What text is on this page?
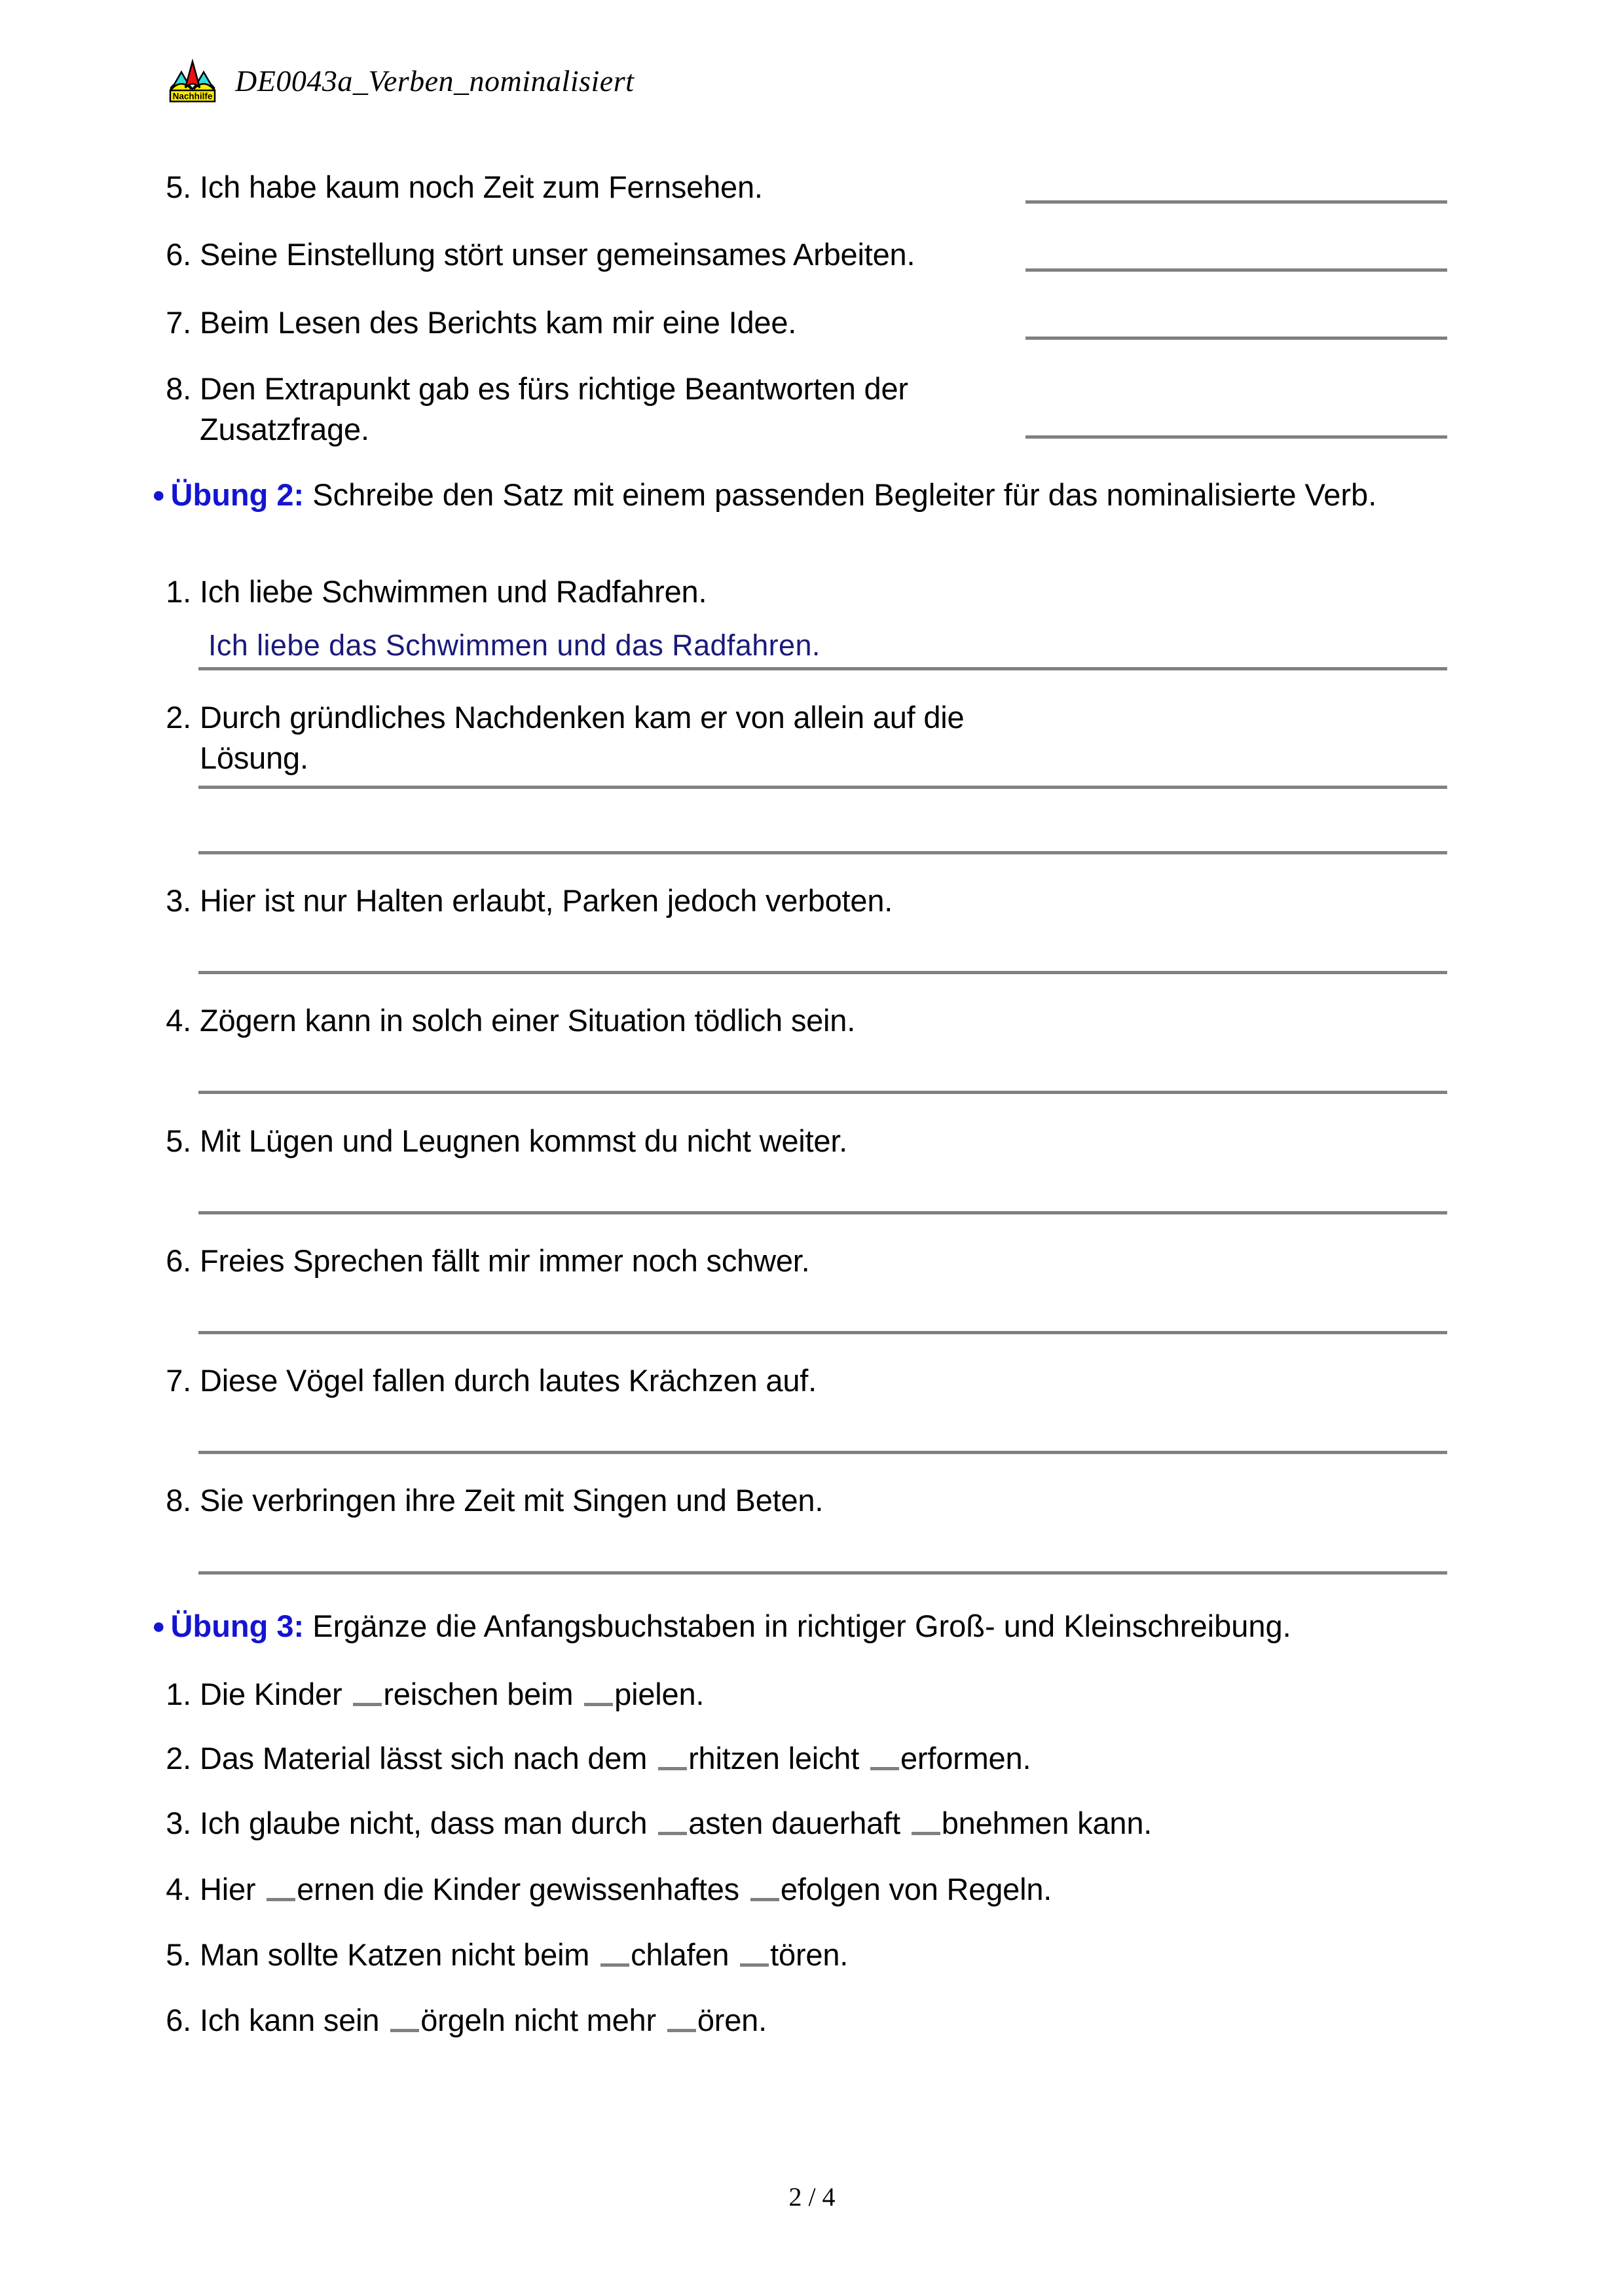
Nachhilfe DE0043a_Verben_nominalisiert
5. Ich habe kaum noch Zeit zum Fernsehen.
6. Seine Einstellung stört unser gemeinsames Arbeiten.
7. Beim Lesen des Berichts kam mir eine Idee.
8. Den Extrapunkt gab es fürs richtige Beantworten der Zusatzfrage.
● Übung 2: Schreibe den Satz mit einem passenden Begleiter für das nominalisierte Verb.
1. Ich liebe Schwimmen und Radfahren.
Ich liebe das Schwimmen und das Radfahren.
2. Durch gründliches Nachdenken kam er von allein auf die Lösung.
3. Hier ist nur Halten erlaubt, Parken jedoch verboten.
4. Zögern kann in solch einer Situation tödlich sein.
5. Mit Lügen und Leugnen kommst du nicht weiter.
6. Freies Sprechen fällt mir immer noch schwer.
7. Diese Vögel fallen durch lautes Krächzen auf.
8. Sie verbringen ihre Zeit mit Singen und Beten.
● Übung 3: Ergänze die Anfangsbuchstaben in richtiger Groß- und Kleinschreibung.
1. Die Kinder reischen beim pielen.
2. Das Material lässt sich nach dem rhitzen leicht erformen.
3. Ich glaube nicht, dass man durch asten dauerhaft bnehmen kann.
4. Hier ernen die Kinder gewissenhaftes efolgen von Regeln.
5. Man sollte Katzen nicht beim chlafen tören.
6. Ich kann sein örgeln nicht mehr ören.
2 / 4
